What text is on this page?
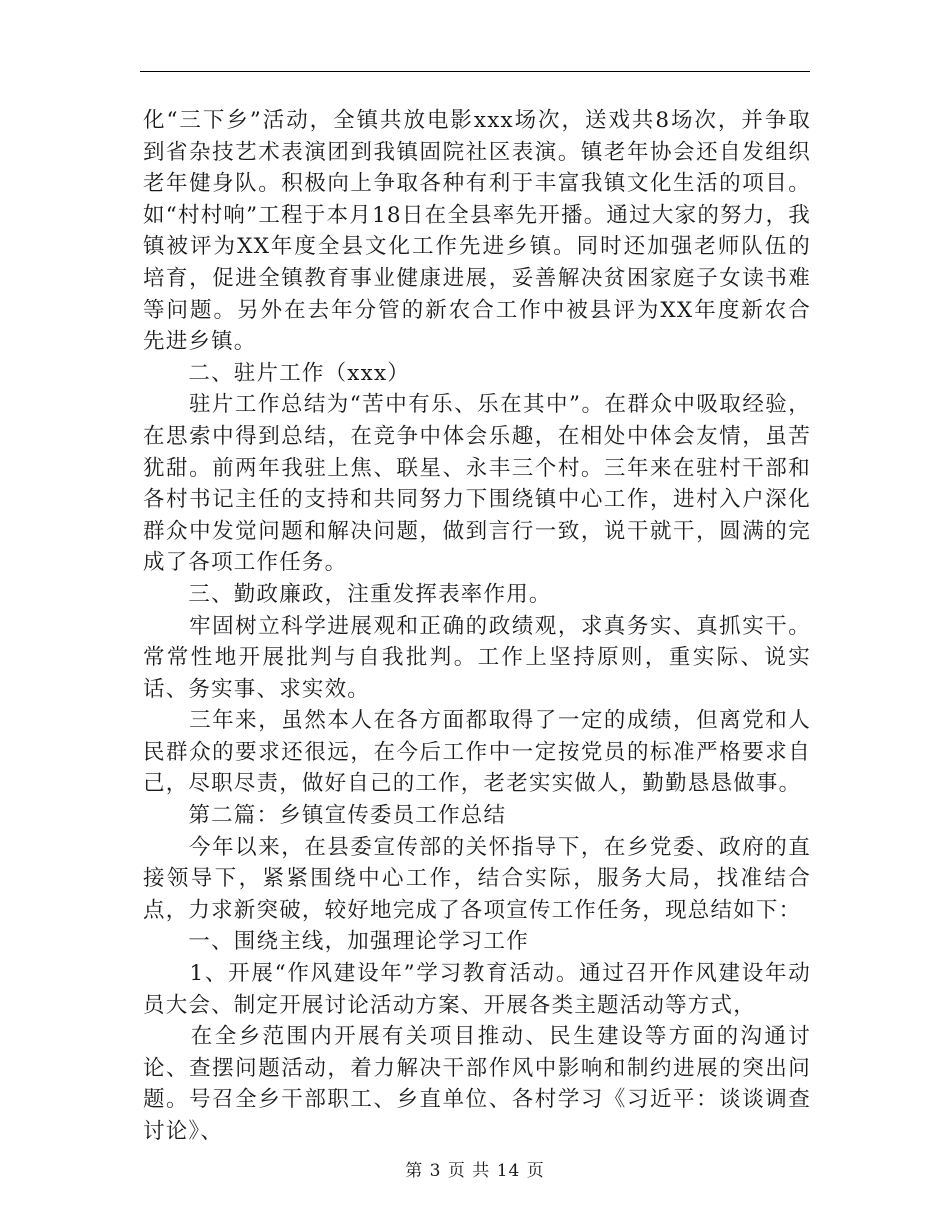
化“三下乡”活动，全镇共放电影xxx场次，送戏共8场次，并争取到省杂技艺术表演团到我镇固院社区表演。镇老年协会还自发组织老年健身队。积极向上争取各种有利于丰富我镇文化生活的项目。如“村村响”工程于本月18日在全县率先开播。通过大家的努力，我镇被评为XX年度全县文化工作先进乡镇。同时还加强老师队伍的培育，促进全镇教育事业健康进展，妥善解决贫困家庭子女读书难等问题。另外在去年分管的新农合工作中被县评为XX年度新农合先进乡镇。

　　二、驻片工作（xxx）

　　驻片工作总结为“苦中有乐、乐在其中”。在群众中吸取经验，在思索中得到总结，在竞争中体会乐趣，在相处中体会友情，虽苦犹甜。前两年我驻上焦、联星、永丰三个村。三年来在驻村干部和各村书记主任的支持和共同努力下围绕镇中心工作，进村入户深化群众中发觉问题和解决问题，做到言行一致，说干就干，圆满的完成了各项工作任务。

　　三、勤政廉政，注重发挥表率作用。

　　牢固树立科学进展观和正确的政绩观，求真务实、真抓实干。常常性地开展批判与自我批判。工作上坚持原则，重实际、说实话、务实事、求实效。

　　三年来，虽然本人在各方面都取得了一定的成绩，但离党和人民群众的要求还很远，在今后工作中一定按党员的标准严格要求自己，尽职尽责，做好自己的工作，老老实实做人，勤勤恳恳做事。

　　第二篇：乡镇宣传委员工作总结

　　今年以来，在县委宣传部的关怀指导下，在乡党委、政府的直接领导下，紧紧围绕中心工作，结合实际，服务大局，找准结合点，力求新突破，较好地完成了各项宣传工作任务，现总结如下：

　　一、围绕主线，加强理论学习工作

　　1、开展“作风建设年”学习教育活动。通过召开作风建设年动员大会、制定开展讨论活动方案、开展各类主题活动等方式，

　　在全乡范围内开展有关项目推动、民生建设等方面的沟通讨论、查摆问题活动，着力解决干部作风中影响和制约进展的突出问题。号召全乡干部职工、乡直单位、各村学习《习近平：谈谈调查讨论》、

第 3 页 共 14 页
